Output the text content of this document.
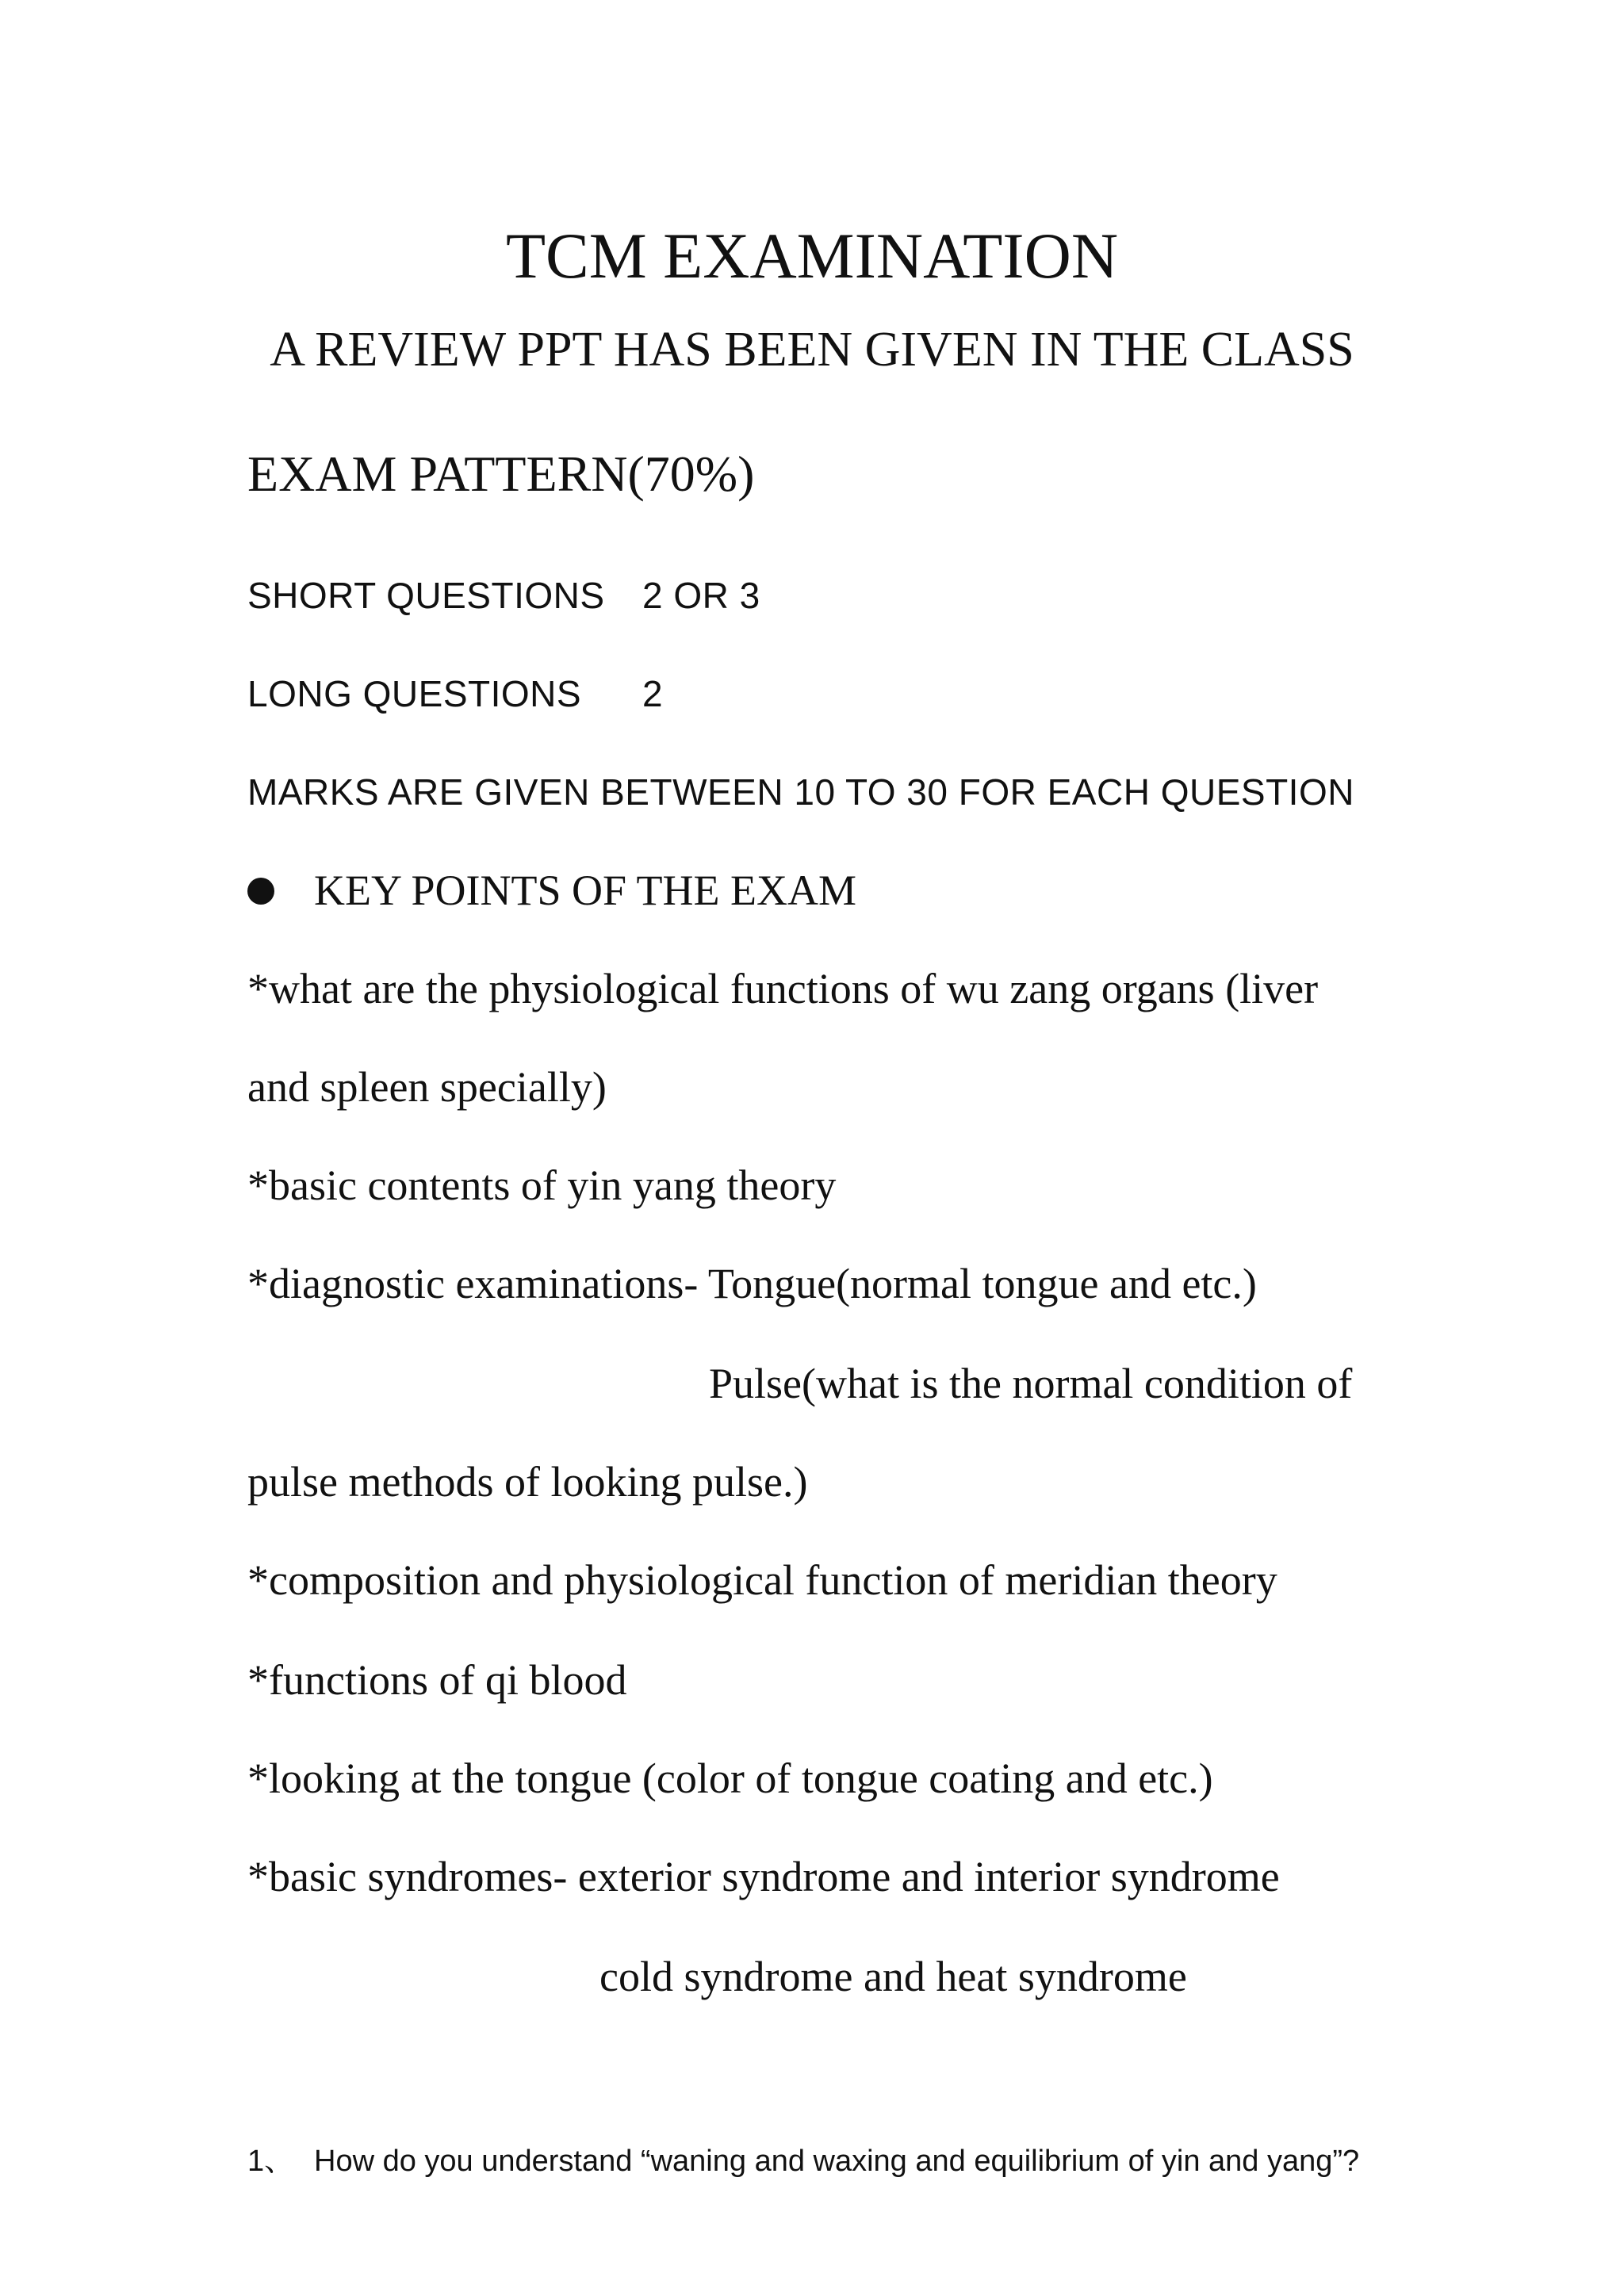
TCM EXAMINATION
A REVIEW PPT HAS BEEN GIVEN IN THE CLASS
EXAM PATTERN(70%)
SHORT QUESTIONS 2 OR 3
LONG QUESTIONS 2
MARKS ARE GIVEN BETWEEN 10 TO 30 FOR EACH QUESTION
KEY POINTS OF THE EXAM
*what are the physiological functions of wu zang organs (liver
and spleen specially)
*basic contents of yin yang theory
*diagnostic examinations- Tongue(normal tongue and etc.)
Pulse(what is the normal condition of
pulse methods of looking pulse.)
*composition and physiological function of meridian theory
*functions of qi blood
*looking at the tongue (color of tongue coating and etc.)
*basic syndromes- exterior syndrome and interior syndrome
cold syndrome and heat syndrome
1、 How do you understand “waning and waxing and equilibrium of yin and yang”?
